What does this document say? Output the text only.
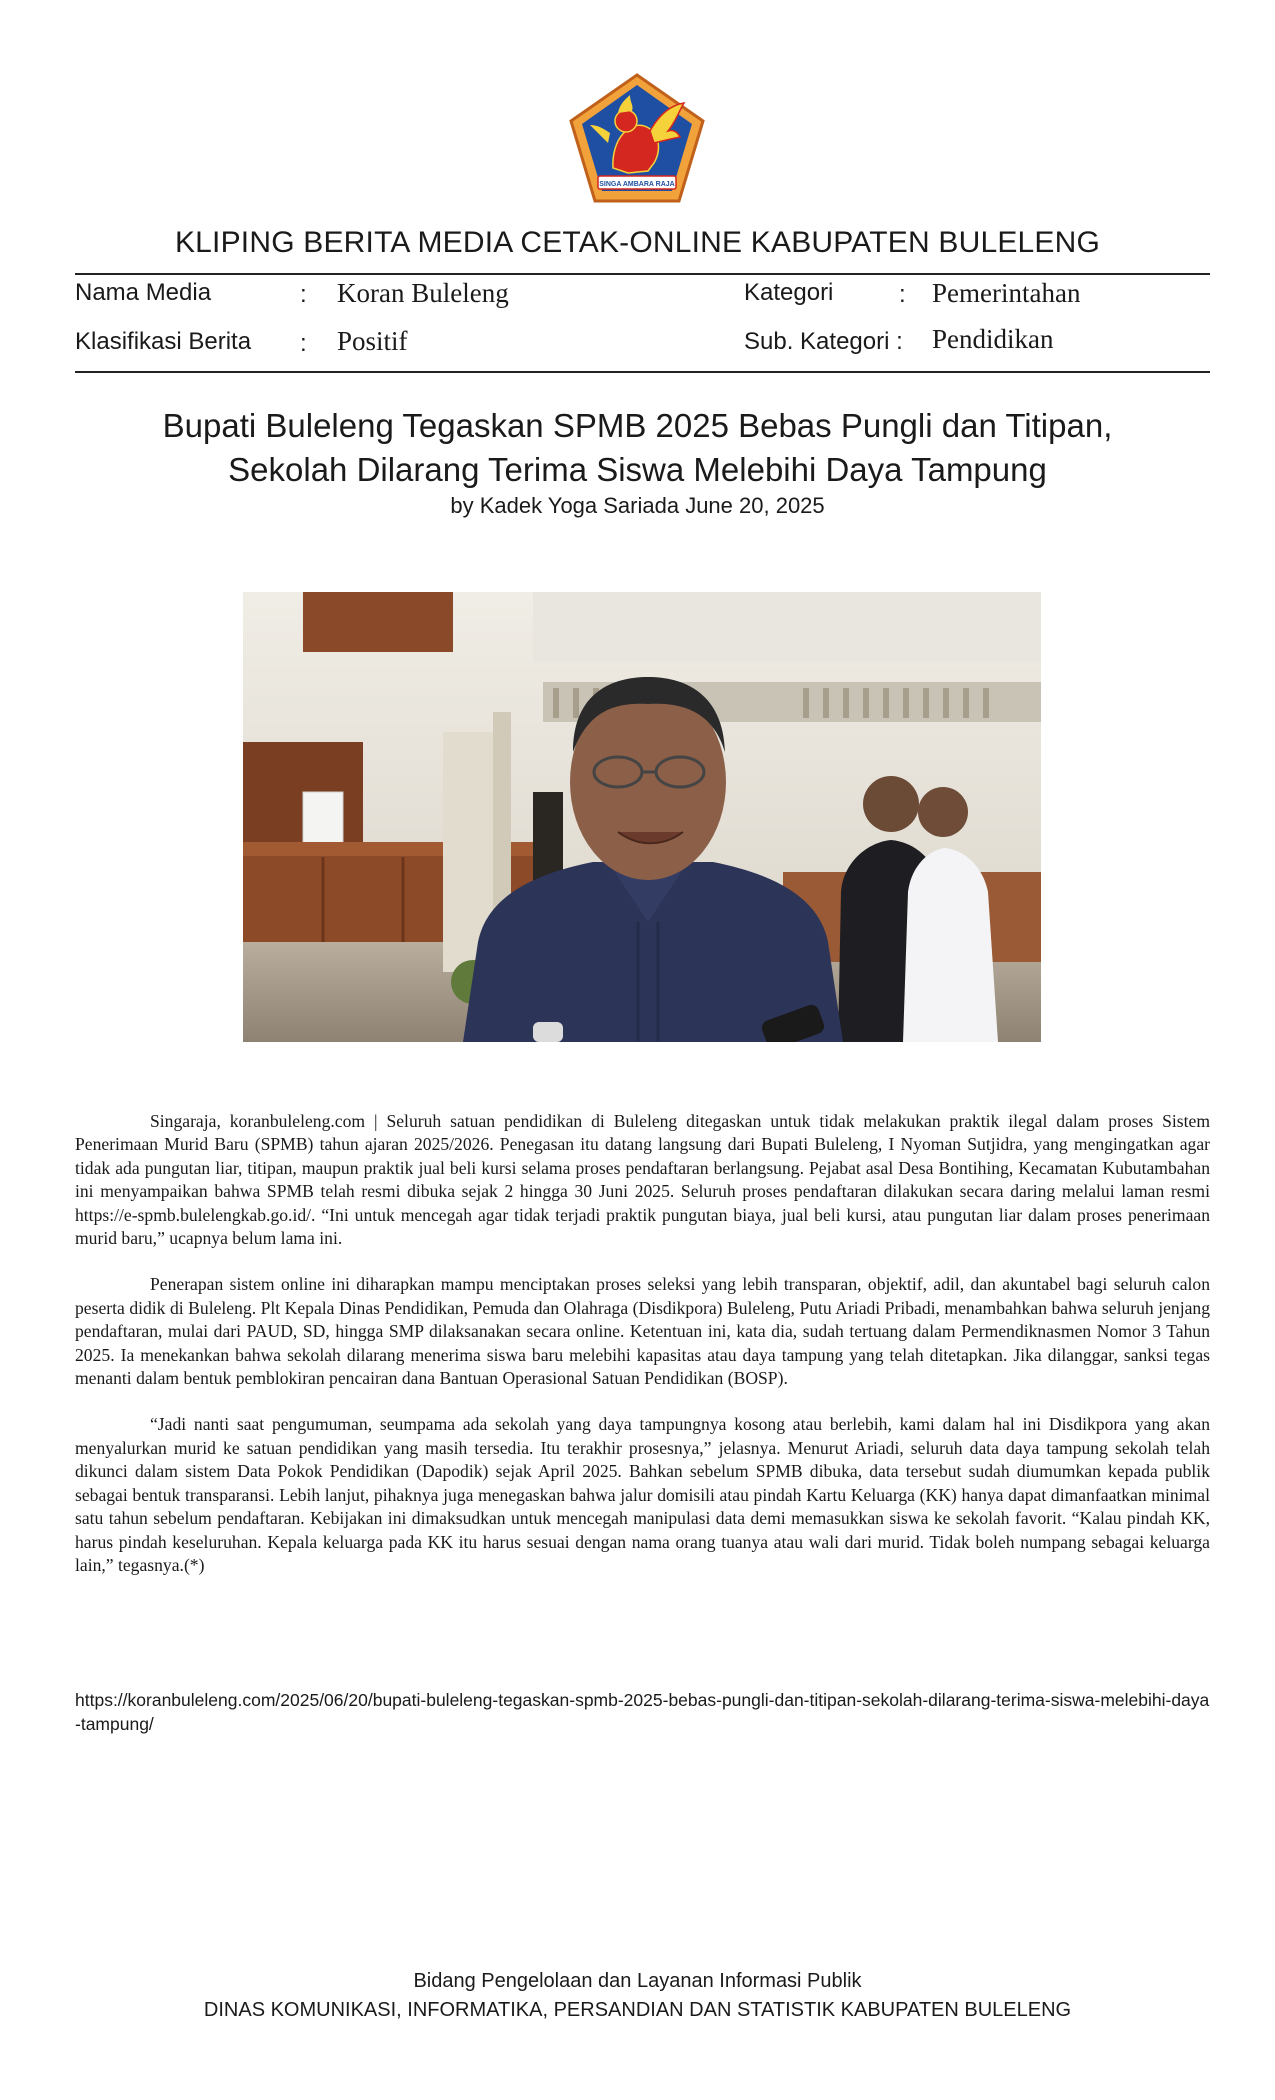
SINGA AMBARA RAJA
KLIPING BERITA MEDIA CETAK-ONLINE KABUPATEN BULELENG
Nama Media	: Koran Buleleng	Kategori	: Pemerintahan
Klasifikasi Berita : Positif	Sub. Kategori : Pendidikan
Bupati Buleleng Tegaskan SPMB 2025 Bebas Pungli dan Titipan,
Sekolah Dilarang Terima Siswa Melebihi Daya Tampung
by Kadek Yoga Sariada June 20, 2025

Singaraja, koranbuleleng.com | Seluruh satuan pendidikan di Buleleng ditegaskan untuk tidak melakukan praktik ilegal dalam proses Sistem Penerimaan Murid Baru (SPMB) tahun ajaran 2025/2026. Penegasan itu datang langsung dari Bupati Buleleng, I Nyoman Sutjidra, yang mengingatkan agar tidak ada pungutan liar, titipan, maupun praktik jual beli kursi selama proses pendaftaran berlangsung. Pejabat asal Desa Bontihing, Kecamatan Kubutambahan ini menyampaikan bahwa SPMB telah resmi dibuka sejak 2 hingga 30 Juni 2025. Seluruh proses pendaftaran dilakukan secara daring melalui laman resmi https://e-spmb.bulelengkab.go.id/. “Ini untuk mencegah agar tidak terjadi praktik pungutan biaya, jual beli kursi, atau pungutan liar dalam proses penerimaan murid baru,” ucapnya belum lama ini.

Penerapan sistem online ini diharapkan mampu menciptakan proses seleksi yang lebih transparan, objektif, adil, dan akuntabel bagi seluruh calon peserta didik di Buleleng. Plt Kepala Dinas Pendidikan, Pemuda dan Olahraga (Disdikpora) Buleleng, Putu Ariadi Pribadi, menambahkan bahwa seluruh jenjang pendaftaran, mulai dari PAUD, SD, hingga SMP dilaksanakan secara online. Ketentuan ini, kata dia, sudah tertuang dalam Permendiknasmen Nomor 3 Tahun 2025. Ia menekankan bahwa sekolah dilarang menerima siswa baru melebihi kapasitas atau daya tampung yang telah ditetapkan. Jika dilanggar, sanksi tegas menanti dalam bentuk pemblokiran pencairan dana Bantuan Operasional Satuan Pendidikan (BOSP).

“Jadi nanti saat pengumuman, seumpama ada sekolah yang daya tampungnya kosong atau berlebih, kami dalam hal ini Disdikpora yang akan menyalurkan murid ke satuan pendidikan yang masih tersedia. Itu terakhir prosesnya,” jelasnya. Menurut Ariadi, seluruh data daya tampung sekolah telah dikunci dalam sistem Data Pokok Pendidikan (Dapodik) sejak April 2025. Bahkan sebelum SPMB dibuka, data tersebut sudah diumumkan kepada publik sebagai bentuk transparansi. Lebih lanjut, pihaknya juga menegaskan bahwa jalur domisili atau pindah Kartu Keluarga (KK) hanya dapat dimanfaatkan minimal satu tahun sebelum pendaftaran. Kebijakan ini dimaksudkan untuk mencegah manipulasi data demi memasukkan siswa ke sekolah favorit. “Kalau pindah KK, harus pindah keseluruhan. Kepala keluarga pada KK itu harus sesuai dengan nama orang tuanya atau wali dari murid. Tidak boleh numpang sebagai keluarga lain,” tegasnya.(*)

https://koranbuleleng.com/2025/06/20/bupati-buleleng-tegaskan-spmb-2025-bebas-pungli-dan-titipan-sekolah-dilarang-terima-siswa-melebihi-daya-tampung/
Bidang Pengelolaan dan Layanan Informasi Publik
DINAS KOMUNIKASI, INFORMATIKA, PERSANDIAN DAN STATISTIK KABUPATEN BULELENG
